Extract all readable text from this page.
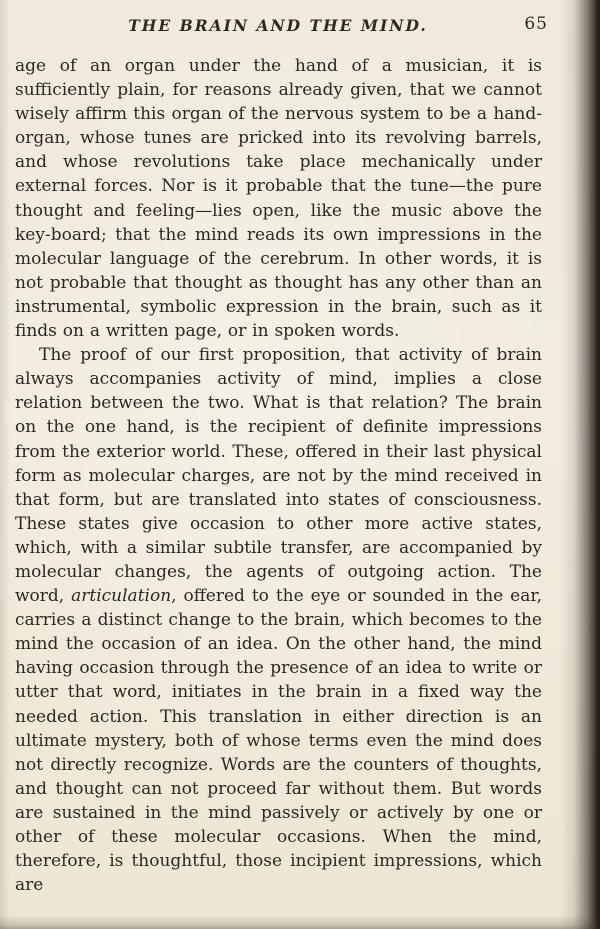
THE BRAIN AND THE MIND.	65

age of an organ under the hand of a musician, it is sufficiently plain, for reasons already given, that we cannot wisely affirm this organ of the nervous system to be a hand-organ, whose tunes are pricked into its revolving barrels, and whose revolutions take place mechanically under external forces. Nor is it probable that the tune—the pure thought and feeling—lies open, like the music above the key-board; that the mind reads its own impressions in the molecular language of the cerebrum. In other words, it is not probable that thought as thought has any other than an instrumental, symbolic expression in the brain, such as it finds on a written page, or in spoken words.

The proof of our first proposition, that activity of brain always accompanies activity of mind, implies a close relation between the two. What is that relation? The brain on the one hand, is the recipient of definite impressions from the exterior world. These, offered in their last physical form as molecular charges, are not by the mind received in that form, but are translated into states of consciousness. These states give occasion to other more active states, which, with a similar subtile transfer, are accompanied by molecular changes, the agents of outgoing action. The word, articulation, offered to the eye or sounded in the ear, carries a distinct change to the brain, which becomes to the mind the occasion of an idea. On the other hand, the mind having occasion through the presence of an idea to write or utter that word, initiates in the brain in a fixed way the needed action. This translation in either direction is an ultimate mystery, both of whose terms even the mind does not directly recognize. Words are the counters of thoughts, and thought can not proceed far without them. But words are sustained in the mind passively or actively by one or other of these molecular occasions. When the mind, therefore, is thoughtful, those incipient impressions, which are
